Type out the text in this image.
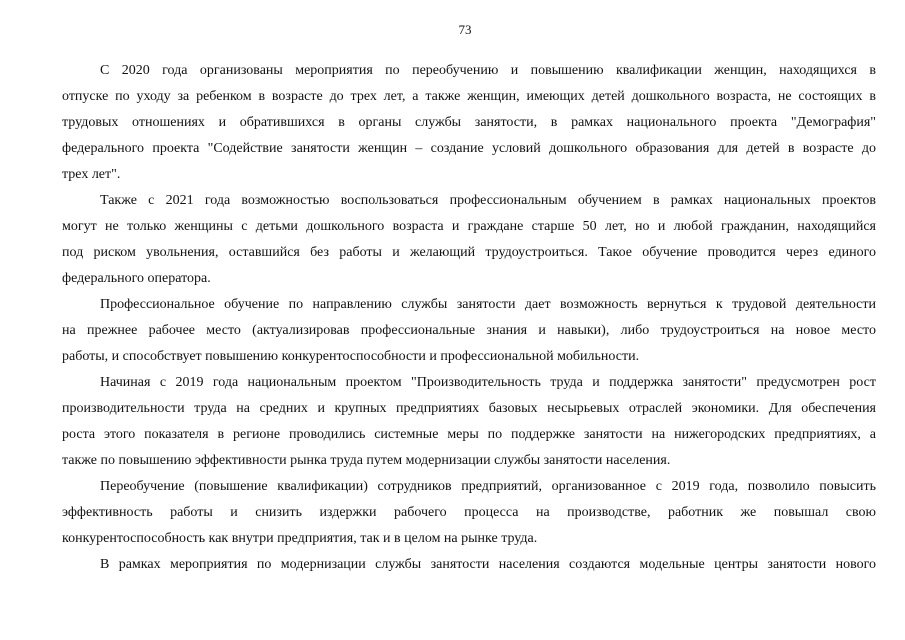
73
С 2020 года организованы мероприятия по переобучению и повышению квалификации женщин, находящихся в
отпуске по уходу за ребенком в возрасте до трех лет, а также женщин, имеющих детей дошкольного возраста, не состоящих в
трудовых отношениях и обратившихся в органы службы занятости, в рамках национального проекта "Демография"
федерального проекта "Содействие занятости женщин – создание условий дошкольного образования для детей в возрасте до
трех лет".
Также с 2021 года возможностью воспользоваться профессиональным обучением в рамках национальных проектов
могут не только женщины с детьми дошкольного возраста и граждане старше 50 лет, но и любой гражданин, находящийся
под риском увольнения, оставшийся без работы и желающий трудоустроиться. Такое обучение проводится через единого
федерального оператора.
Профессиональное обучение по направлению службы занятости дает возможность вернуться к трудовой деятельности
на прежнее рабочее место (актуализировав профессиональные знания и навыки), либо трудоустроиться на новое место
работы, и способствует повышению конкурентоспособности и профессиональной мобильности.
Начиная с 2019 года национальным проектом "Производительность труда и поддержка занятости" предусмотрен рост
производительности труда на средних и крупных предприятиях базовых несырьевых отраслей экономики. Для обеспечения
роста этого показателя в регионе проводились системные меры по поддержке занятости на нижегородских предприятиях, а
также по повышению эффективности рынка труда путем модернизации службы занятости населения.
Переобучение (повышение квалификации) сотрудников предприятий, организованное с 2019 года, позволило повысить
эффективность работы и снизить издержки рабочего процесса на производстве, работник же повышал свою
конкурентоспособность как внутри предприятия, так и в целом на рынке труда.
В рамках мероприятия по модернизации службы занятости населения создаются модельные центры занятости нового
